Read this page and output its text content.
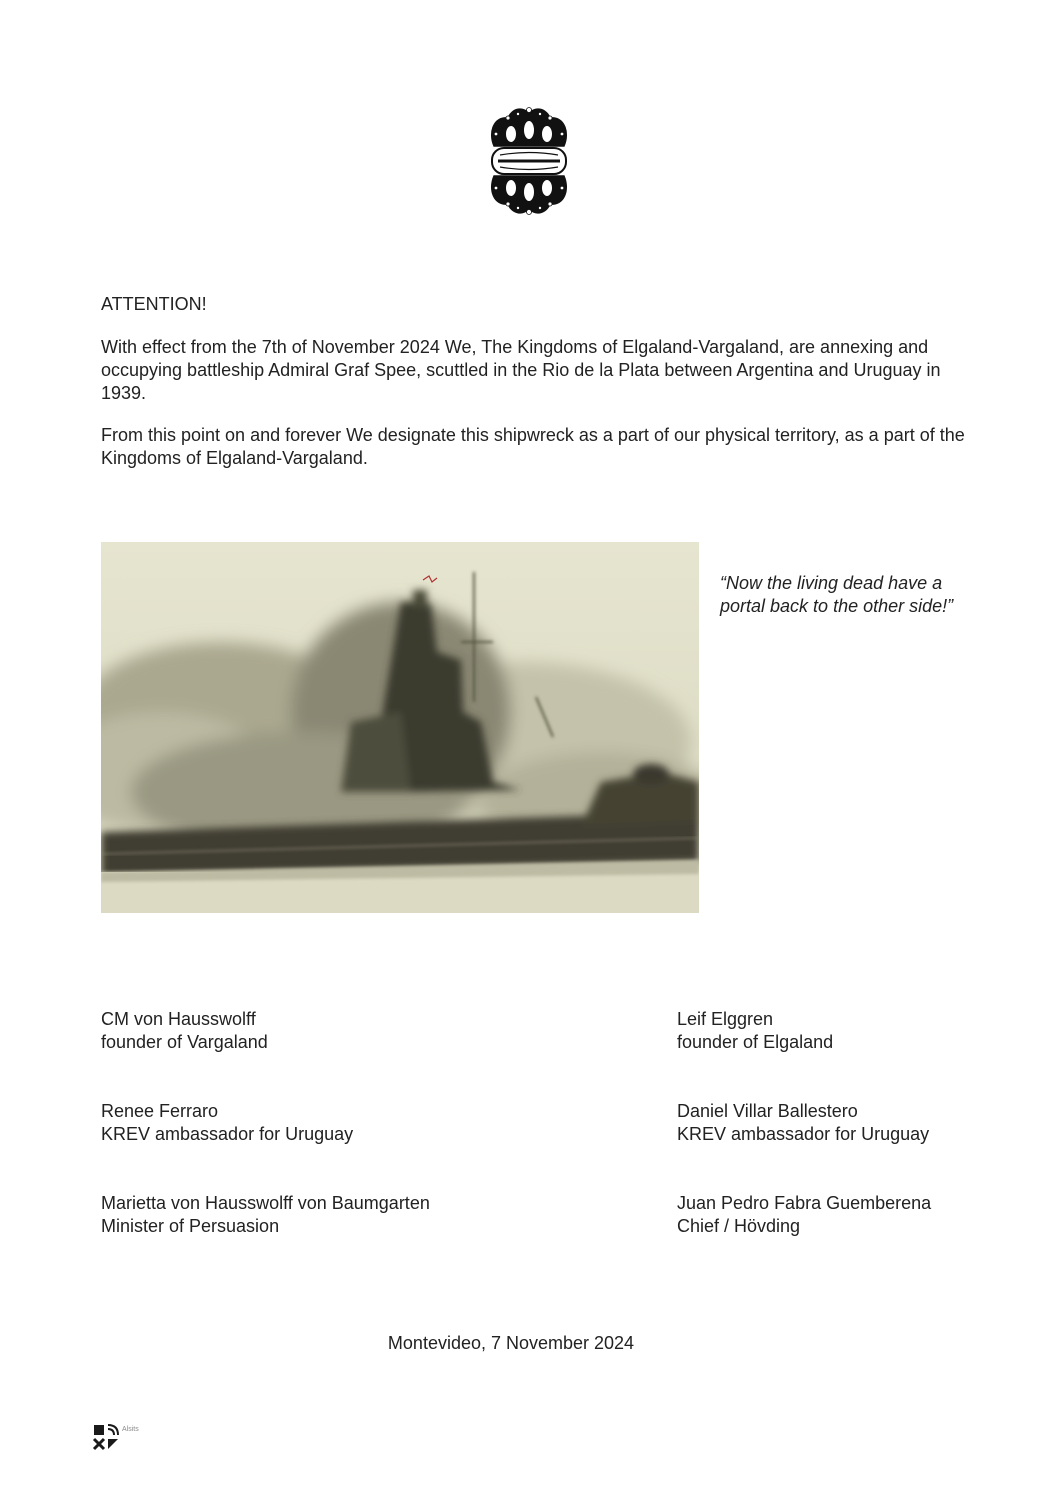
ATTENTION!

With effect from the 7th of November 2024 We, The Kingdoms of Elgaland-Vargaland, are annexing and occupying battleship Admiral Graf Spee, scuttled in the Rio de la Plata between Argentina and Uruguay in 1939.

From this point on and forever We designate this shipwreck as a part of our physical territory, as a part of the Kingdoms of Elgaland-Vargaland.

“Now the living dead have a portal back to the other side!”

CM von Hausswolff
founder of Vargaland
Leif Elggren
founder of Elgaland
Renee Ferraro
KREV ambassador for Uruguay
Daniel Villar Ballestero
KREV ambassador for Uruguay
Marietta von Hausswolff von Baumgarten
Minister of Persuasion
Juan Pedro Fabra Guemberena
Chief / Hövding
Montevideo, 7 November 2024
Alsits
